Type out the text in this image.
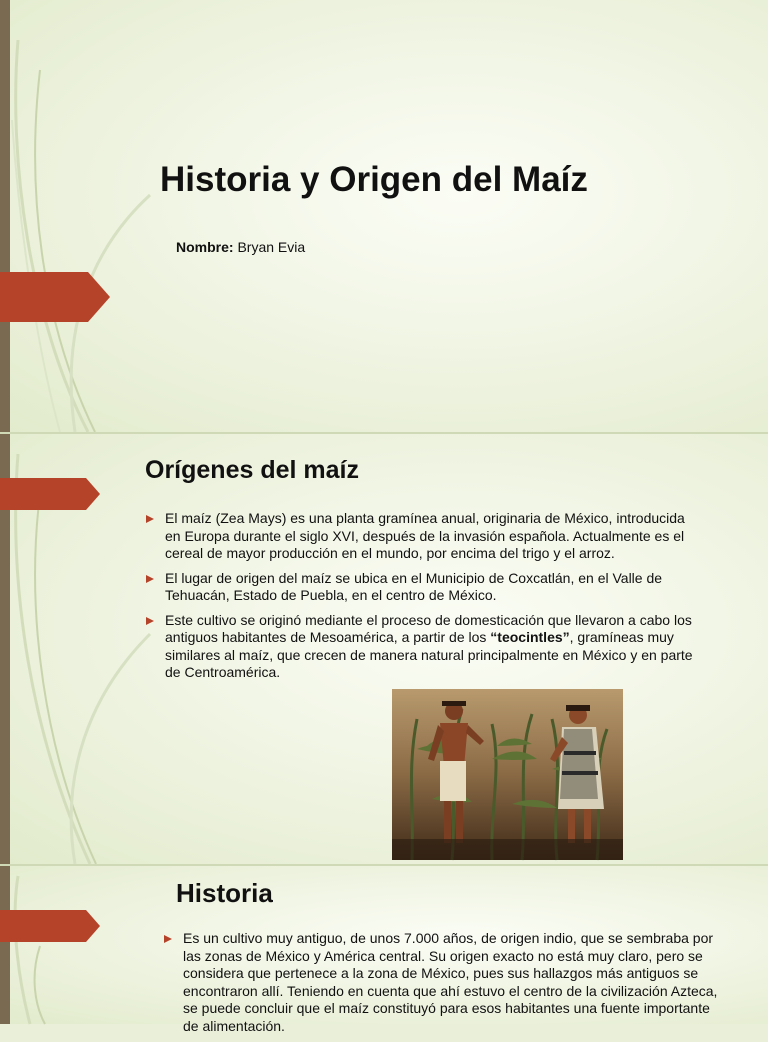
Historia y Origen del Maíz
Nombre: Bryan Evia
Orígenes del maíz
El maíz (Zea Mays) es una planta gramínea anual, originaria de México, introducida en Europa durante el siglo XVI, después de la invasión española. Actualmente es el cereal de mayor producción en el mundo, por encima del trigo y el arroz.
El lugar de origen del maíz se ubica en el Municipio de Coxcatlán, en el Valle de Tehuacán, Estado de Puebla, en el centro de México.
Este cultivo se originó mediante el proceso de domesticación que llevaron a cabo los antiguos habitantes de Mesoamérica, a partir de los “teocintles”, gramíneas muy similares al maíz, que crecen de manera natural principalmente en México y en parte de Centroamérica.
Historia
Es un cultivo muy antiguo, de unos 7.000 años, de origen indio, que se sembraba por las zonas de México y América central. Su origen exacto no está muy claro, pero se considera que pertenece a la zona de México, pues sus hallazgos más antiguos se encontraron allí. Teniendo en cuenta que ahí estuvo el centro de la civilización Azteca, se puede concluir que el maíz constituyó para esos habitantes una fuente importante de alimentación.
